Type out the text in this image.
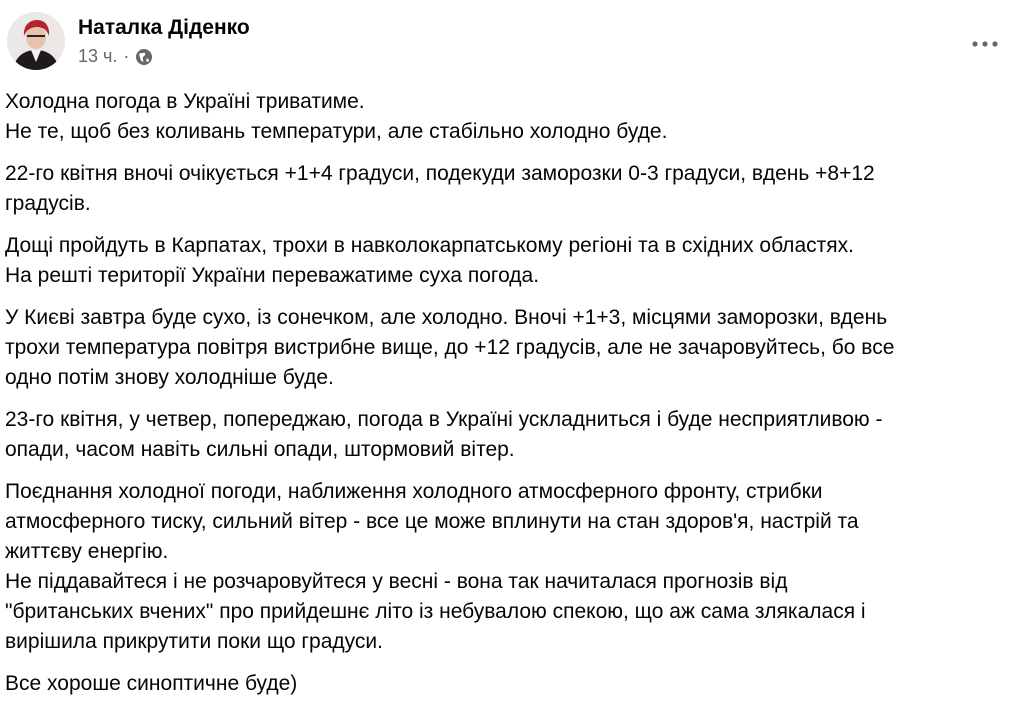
Наталка Діденко
13 ч. ·
Холодна погода в Україні триватиме.
Не те, щоб без коливань температури, але стабільно холодно буде.
22-го квітня вночі очікується +1+4 градуси, подекуди заморозки 0-3 градуси, вдень +8+12
градусів.
Дощі пройдуть в Карпатах, трохи в навколокарпатському регіоні та в східних областях.
На решті території України переважатиме суха погода.
У Києві завтра буде сухо, із сонечком, але холодно. Вночі +1+3, місцями заморозки, вдень
трохи температура повітря вистрибне вище, до +12 градусів, але не зачаровуйтесь, бо все
одно потім знову холодніше буде.
23-го квітня, у четвер, попереджаю, погода в Україні ускладниться і буде несприятливою -
опади, часом навіть сильні опади, штормовий вітер.
Поєднання холодної погоди, наближення холодного атмосферного фронту, стрибки
атмосферного тиску, сильний вітер - все це може вплинути на стан здоров'я, настрій та
життєву енергію.
Не піддавайтеся і не розчаровуйтеся у весні - вона так начиталася прогнозів від
"британських вчених" про прийдешнє літо із небувалою спекою, що аж сама злякалася і
вирішила прикрутити поки що градуси.
Все хороше синоптичне буде)
